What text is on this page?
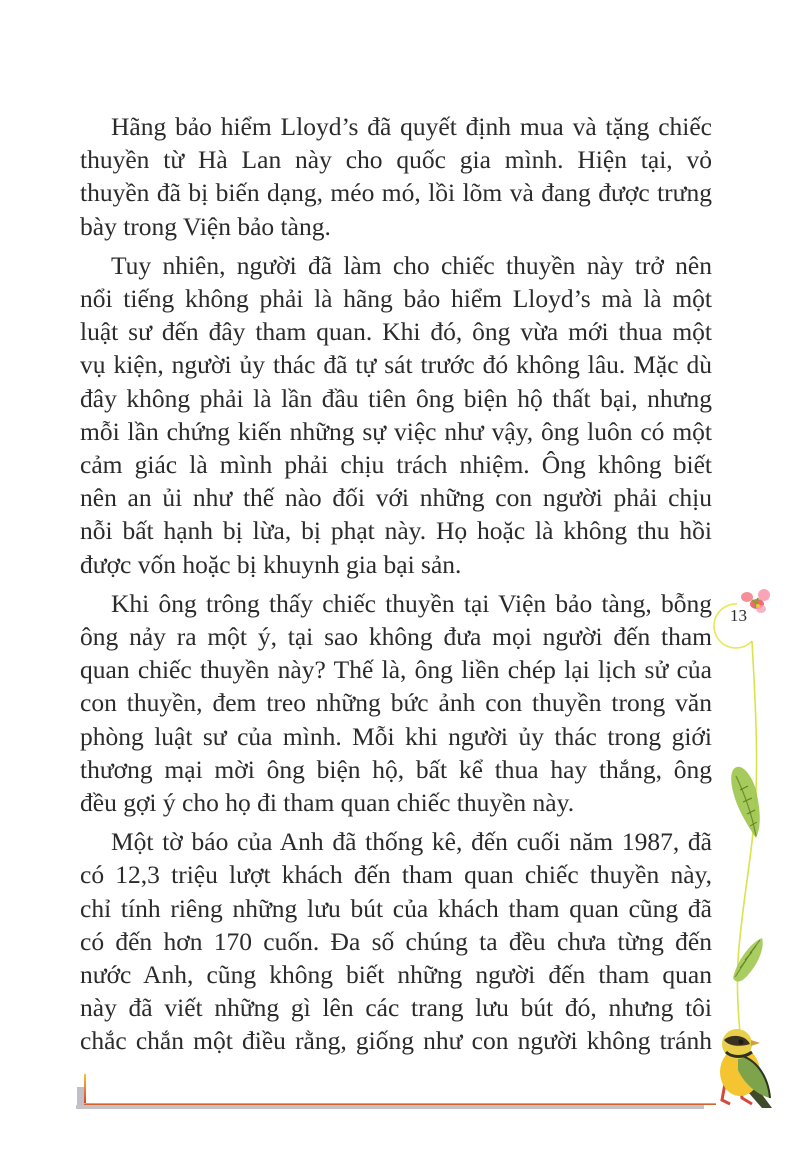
Hãng bảo hiểm Lloyd’s đã quyết định mua và tặng chiếc
thuyền từ Hà Lan này cho quốc gia mình. Hiện tại, vỏ
thuyền đã bị biến dạng, méo mó, lồi lõm và đang được trưng
bày trong Viện bảo tàng.

Tuy nhiên, người đã làm cho chiếc thuyền này trở nên
nổi tiếng không phải là hãng bảo hiểm Lloyd’s mà là một
luật sư đến đây tham quan. Khi đó, ông vừa mới thua một
vụ kiện, người ủy thác đã tự sát trước đó không lâu. Mặc dù
đây không phải là lần đầu tiên ông biện hộ thất bại, nhưng
mỗi lần chứng kiến những sự việc như vậy, ông luôn có một
cảm giác là mình phải chịu trách nhiệm. Ông không biết
nên an ủi như thế nào đối với những con người phải chịu
nỗi bất hạnh bị lừa, bị phạt này. Họ hoặc là không thu hồi
được vốn hoặc bị khuynh gia bại sản.

Khi ông trông thấy chiếc thuyền tại Viện bảo tàng, bỗng
ông nảy ra một ý, tại sao không đưa mọi người đến tham
quan chiếc thuyền này? Thế là, ông liền chép lại lịch sử của
con thuyền, đem treo những bức ảnh con thuyền trong văn
phòng luật sư của mình. Mỗi khi người ủy thác trong giới
thương mại mời ông biện hộ, bất kể thua hay thắng, ông
đều gợi ý cho họ đi tham quan chiếc thuyền này.

Một tờ báo của Anh đã thống kê, đến cuối năm 1987, đã
có 12,3 triệu lượt khách đến tham quan chiếc thuyền này,
chỉ tính riêng những lưu bút của khách tham quan cũng đã
có đến hơn 170 cuốn. Đa số chúng ta đều chưa từng đến
nước Anh, cũng không biết những người đến tham quan
này đã viết những gì lên các trang lưu bút đó, nhưng tôi
chắc chắn một điều rằng, giống như con người không tránh

13
